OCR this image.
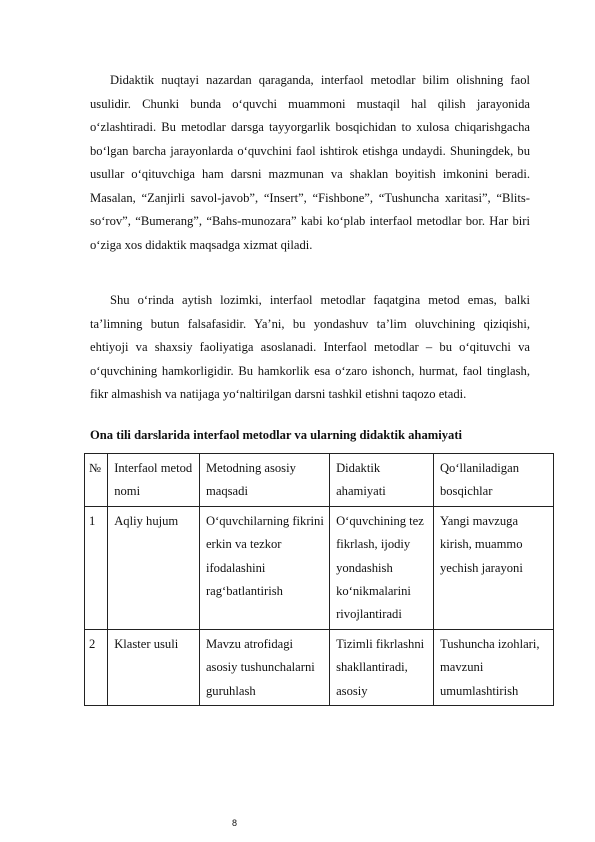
Didaktik nuqtayi nazardan qaraganda, interfaol metodlar bilim olishning faol usulidir. Chunki bunda o‘quvchi muammoni mustaqil hal qilish jarayonida o‘zlashtiradi. Bu metodlar darsga tayyorgarlik bosqichidan to xulosa chiqarishgacha bo‘lgan barcha jarayonlarda o‘quvchini faol ishtirok etishga undaydi. Shuningdek, bu usullar o‘qituvchiga ham darsni mazmunan va shaklan boyitish imkonini beradi. Masalan, “Zanjirli savol-javob”, “Insert”, “Fishbone”, “Tushuncha xaritasi”, “Blits-so‘rov”, “Bumerang”, “Bahs-munozara” kabi ko‘plab interfaol metodlar bor. Har biri o‘ziga xos didaktik maqsadga xizmat qiladi.

Shu o‘rinda aytish lozimki, interfaol metodlar faqatgina metod emas, balki ta’limning butun falsafasidir. Ya’ni, bu yondashuv ta’lim oluvchining qiziqishi, ehtiyoji va shaxsiy faoliyatiga asoslanadi. Interfaol metodlar – bu o‘qituvchi va o‘quvchining hamkorligidir. Bu hamkorlik esa o‘zaro ishonch, hurmat, faol tinglash, fikr almashish va natijaga yo‘naltirilgan darsni tashkil etishni taqozo etadi.

Ona tili darslarida interfaol metodlar va ularning didaktik ahamiyati

№	Interfaol metod nomi	Metodning asosiy maqsadi	Didaktik ahamiyati	Qo‘llaniladigan bosqichlar
1	Aqliy hujum	O‘quvchilarning fikrini erkin va tezkor ifodalashini rag‘batlantirish	O‘quvchining tez fikrlash, ijodiy yondashish ko‘nikmalarini rivojlantiradi	Yangi mavzuga kirish, muammo yechish jarayoni
2	Klaster usuli	Mavzu atrofidagi asosiy tushunchalarni guruhlash	Tizimli fikrlashni shakllantiradi, asosiy	Tushuncha izohlari, mavzuni umumlashtirish
8
